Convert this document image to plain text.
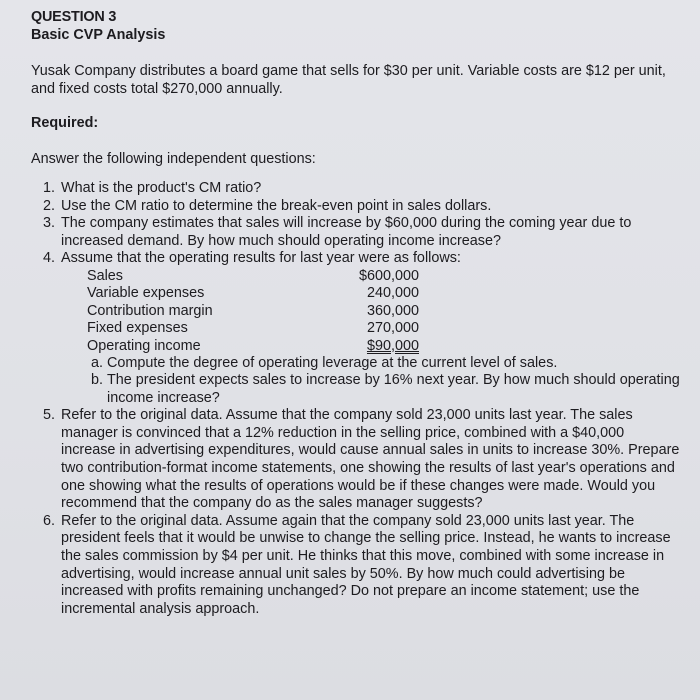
QUESTION 3
Basic CVP Analysis
Yusak Company distributes a board game that sells for $30 per unit. Variable costs are $12 per unit, and fixed costs total $270,000 annually.
Required:
Answer the following independent questions:
1. What is the product's CM ratio?
2. Use the CM ratio to determine the break-even point in sales dollars.
3. The company estimates that sales will increase by $60,000 during the coming year due to increased demand. By how much should operating income increase?
4. Assume that the operating results for last year were as follows:
Sales	$600,000
Variable expenses	240,000
Contribution margin	360,000
Fixed expenses	270,000
Operating income	$90,000
a. Compute the degree of operating leverage at the current level of sales.
b. The president expects sales to increase by 16% next year. By how much should operating income increase?
5. Refer to the original data. Assume that the company sold 23,000 units last year. The sales manager is convinced that a 12% reduction in the selling price, combined with a $40,000 increase in advertising expenditures, would cause annual sales in units to increase 30%. Prepare two contribution-format income statements, one showing the results of last year's operations and one showing what the results of operations would be if these changes were made. Would you recommend that the company do as the sales manager suggests?
6. Refer to the original data. Assume again that the company sold 23,000 units last year. The president feels that it would be unwise to change the selling price. Instead, he wants to increase the sales commission by $4 per unit. He thinks that this move, combined with some increase in advertising, would increase annual unit sales by 50%. By how much could advertising be increased with profits remaining unchanged? Do not prepare an income statement; use the incremental analysis approach.
